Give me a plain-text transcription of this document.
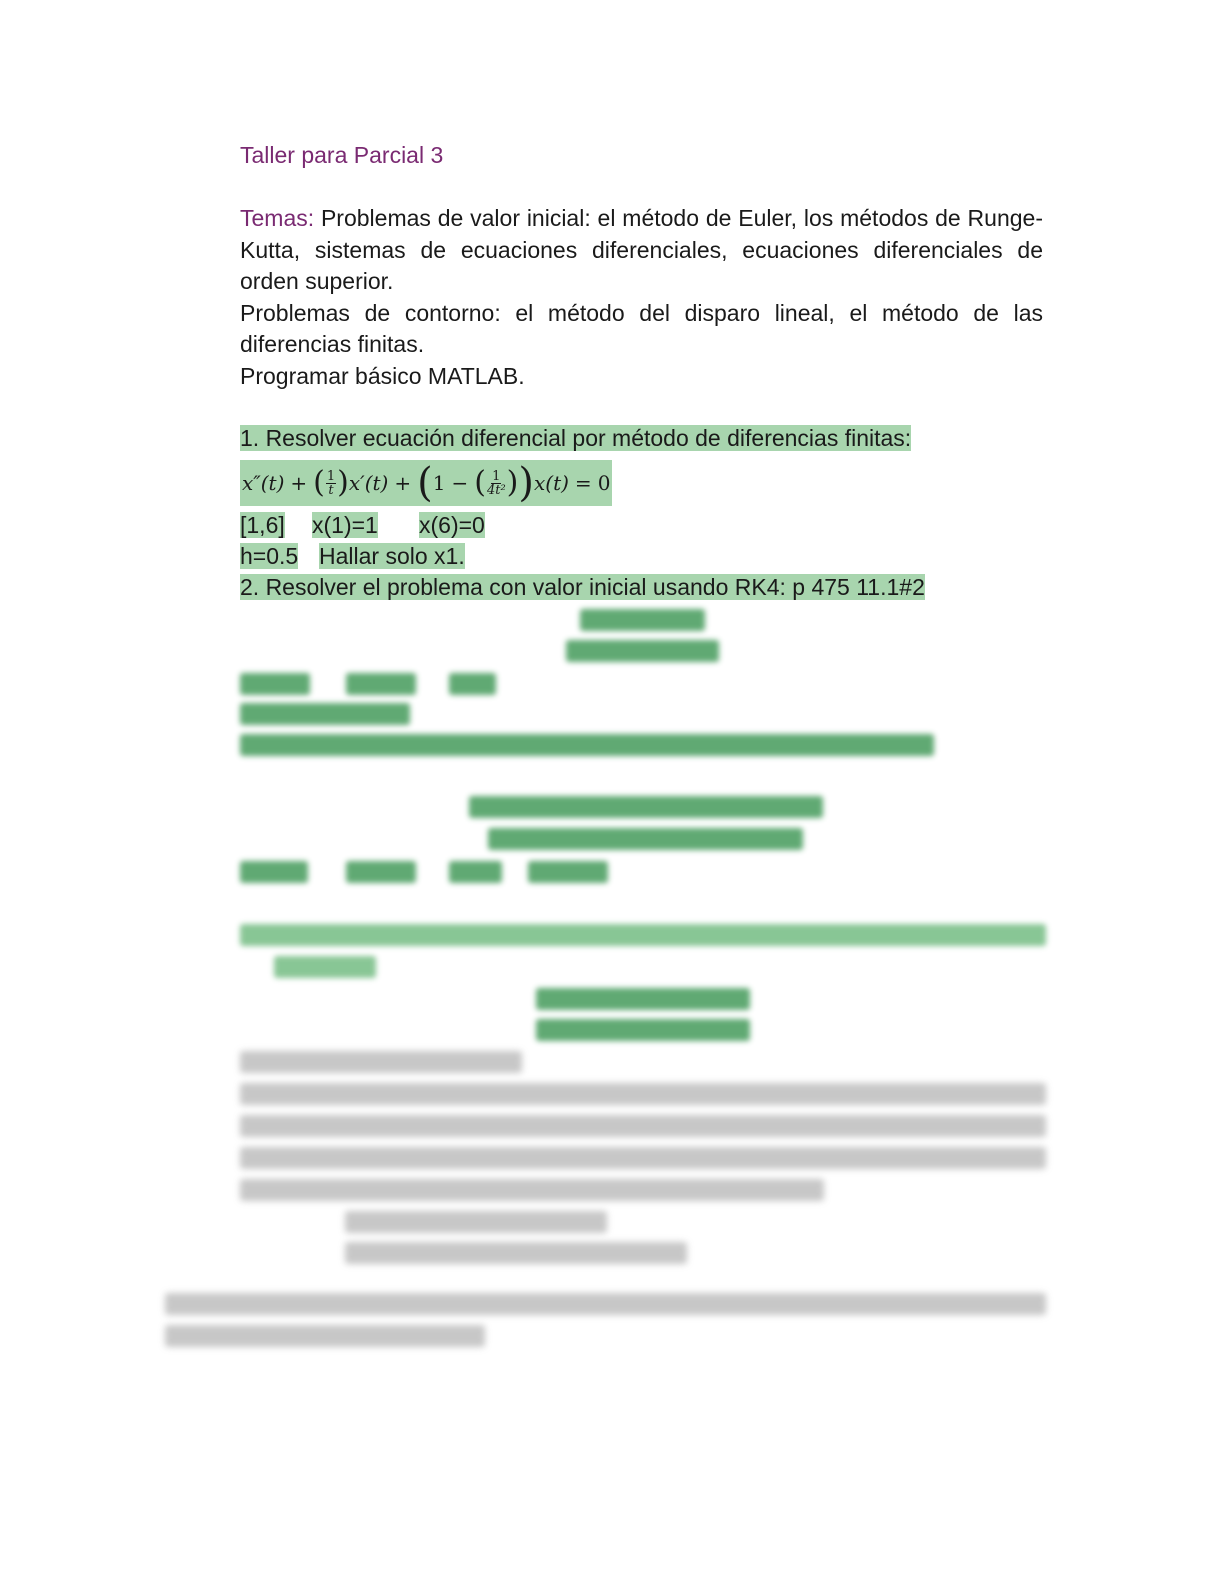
Taller para Parcial 3

Temas: Problemas de valor inicial: el método de Euler, los métodos de Runge-Kutta, sistemas de ecuaciones diferenciales, ecuaciones diferenciales de orden superior.

Problemas de contorno: el método del disparo lineal, el método de las diferencias finitas.

Programar básico MATLAB.

1. Resolver ecuación diferencial por método de diferencias finitas:
x″(t) + ( $\frac{1}{t}$ ) x′(t) + ( 1 − ( $\frac{1}{\text{4t²}}$ ) ) x(t) = 0
[1,6] x(1)=1 x(6)=0
h=0.5 Hallar solo x1.
2. Resolver el problema con valor inicial usando RK4: p 475 11.1#2
